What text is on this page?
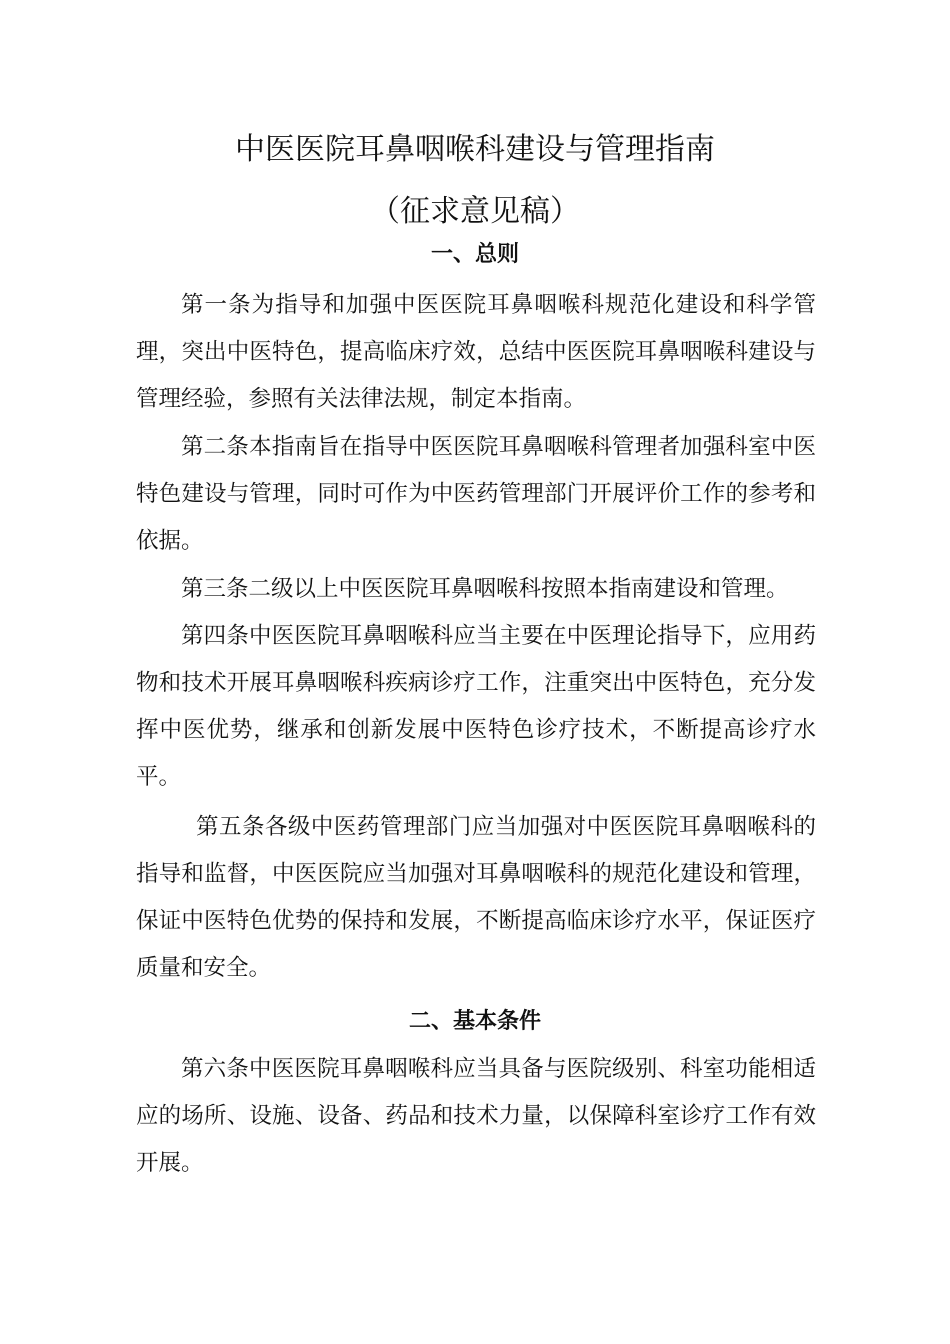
中医医院耳鼻咽喉科建设与管理指南
（征求意见稿）
一、总则
第一条为指导和加强中医医院耳鼻咽喉科规范化建设和科学管理，突出中医特色，提高临床疗效，总结中医医院耳鼻咽喉科建设与管理经验，参照有关法律法规，制定本指南。
第二条本指南旨在指导中医医院耳鼻咽喉科管理者加强科室中医特色建设与管理，同时可作为中医药管理部门开展评价工作的参考和依据。
第三条二级以上中医医院耳鼻咽喉科按照本指南建设和管理。
第四条中医医院耳鼻咽喉科应当主要在中医理论指导下，应用药物和技术开展耳鼻咽喉科疾病诊疗工作，注重突出中医特色，充分发挥中医优势，继承和创新发展中医特色诊疗技术，不断提高诊疗水平。
第五条各级中医药管理部门应当加强对中医医院耳鼻咽喉科的指导和监督，中医医院应当加强对耳鼻咽喉科的规范化建设和管理，保证中医特色优势的保持和发展，不断提高临床诊疗水平，保证医疗质量和安全。
二、基本条件
第六条中医医院耳鼻咽喉科应当具备与医院级别、科室功能相适应的场所、设施、设备、药品和技术力量，以保障科室诊疗工作有效开展。
